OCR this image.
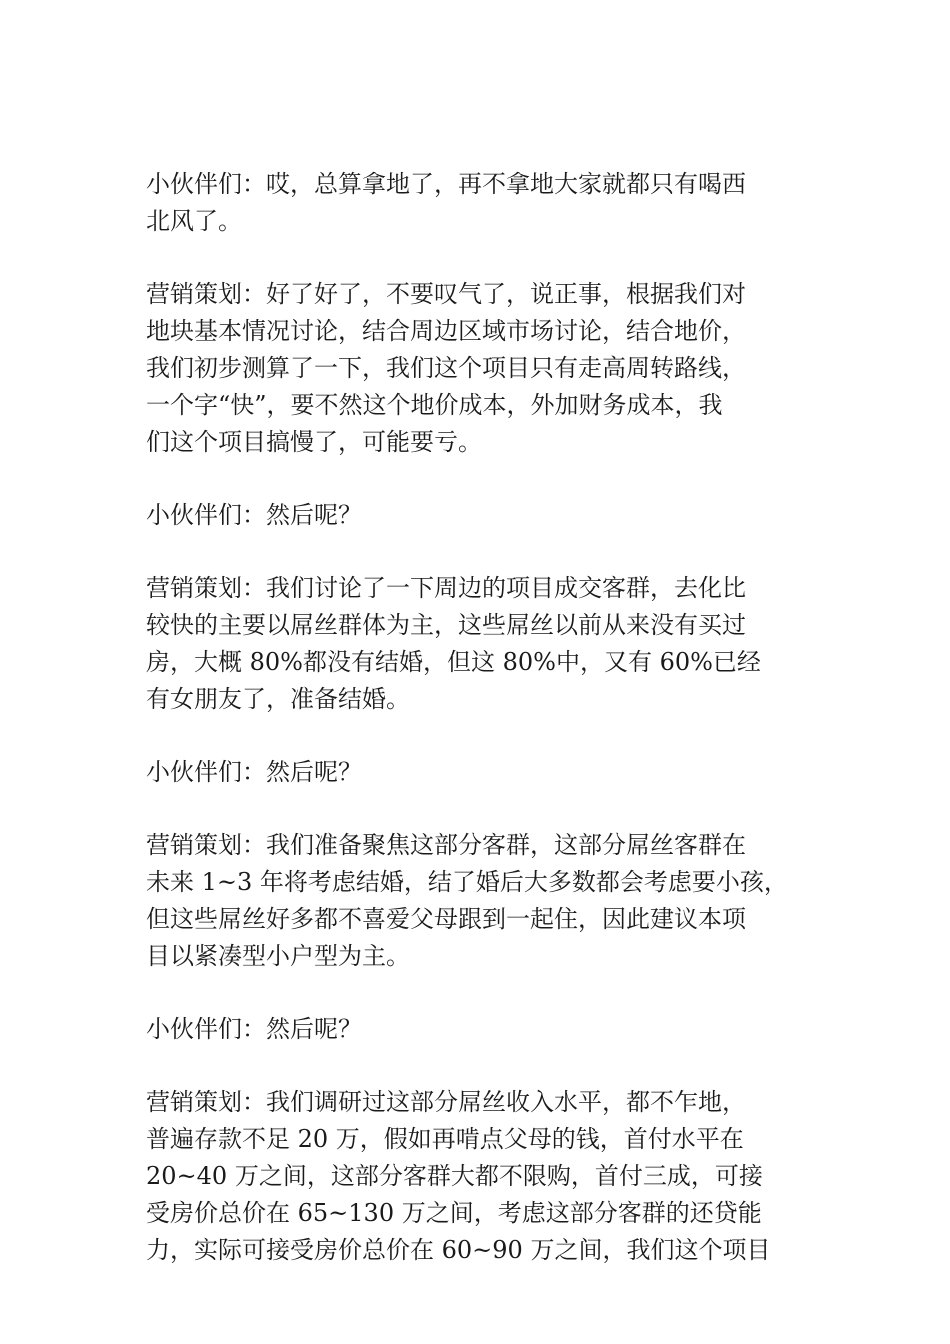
小伙伴们：哎，总算拿地了，再不拿地大家就都只有喝西
北风了。

营销策划：好了好了，不要叹气了，说正事，根据我们对
地块基本情况讨论，结合周边区域市场讨论，结合地价，
我们初步测算了一下，我们这个项目只有走高周转路线，
一个字“快”，要不然这个地价成本，外加财务成本，我
们这个项目搞慢了，可能要亏。

小伙伴们：然后呢？

营销策划：我们讨论了一下周边的项目成交客群，去化比
较快的主要以屌丝群体为主，这些屌丝以前从来没有买过
房，大概 80%都没有结婚，但这 80%中，又有 60%已经
有女朋友了，准备结婚。

小伙伴们：然后呢？

营销策划：我们准备聚焦这部分客群，这部分屌丝客群在
未来 1~3 年将考虑结婚，结了婚后大多数都会考虑要小孩，
但这些屌丝好多都不喜爱父母跟到一起住，因此建议本项
目以紧凑型小户型为主。

小伙伴们：然后呢？

营销策划：我们调研过这部分屌丝收入水平，都不乍地，
普遍存款不足 20 万，假如再啃点父母的钱，首付水平在
20~40 万之间，这部分客群大都不限购，首付三成，可接
受房价总价在 65~130 万之间，考虑这部分客群的还贷能
力，实际可接受房价总价在 60~90 万之间，我们这个项目
